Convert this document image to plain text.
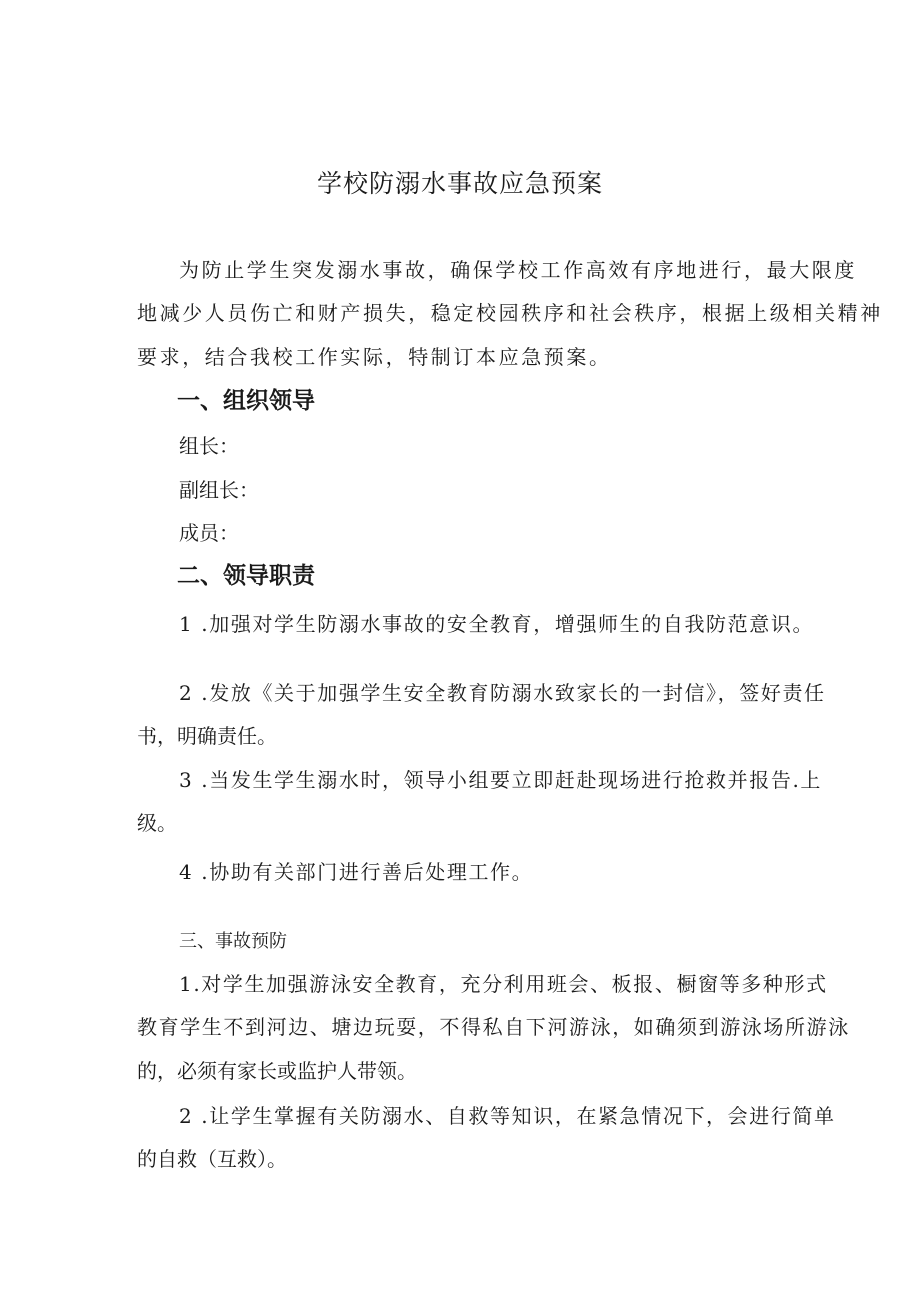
学校防溺水事故应急预案
为防止学生突发溺水事故，确保学校工作高效有序地进行，最大限度
地减少人员伤亡和财产损失，稳定校园秩序和社会秩序，根据上级相关精神
要求，结合我校工作实际，特制订本应急预案。
一、组织领导
组长：
副组长：
成员：
二、领导职责
1 .加强对学生防溺水事故的安全教育，增强师生的自我防范意识。
2 .发放《关于加强学生安全教育防溺水致家长的一封信》，签好责任
书，明确责任。
3 .当发生学生溺水时，领导小组要立即赶赴现场进行抢救并报告.上
级。
4 .协助有关部门进行善后处理工作。
三、事故预防
1.对学生加强游泳安全教育，充分利用班会、板报、橱窗等多种形式
教育学生不到河边、塘边玩耍，不得私自下河游泳，如确须到游泳场所游泳
的，必须有家长或监护人带领。
2 .让学生掌握有关防溺水、自救等知识，在紧急情况下，会进行简单
的自救（互救）。
